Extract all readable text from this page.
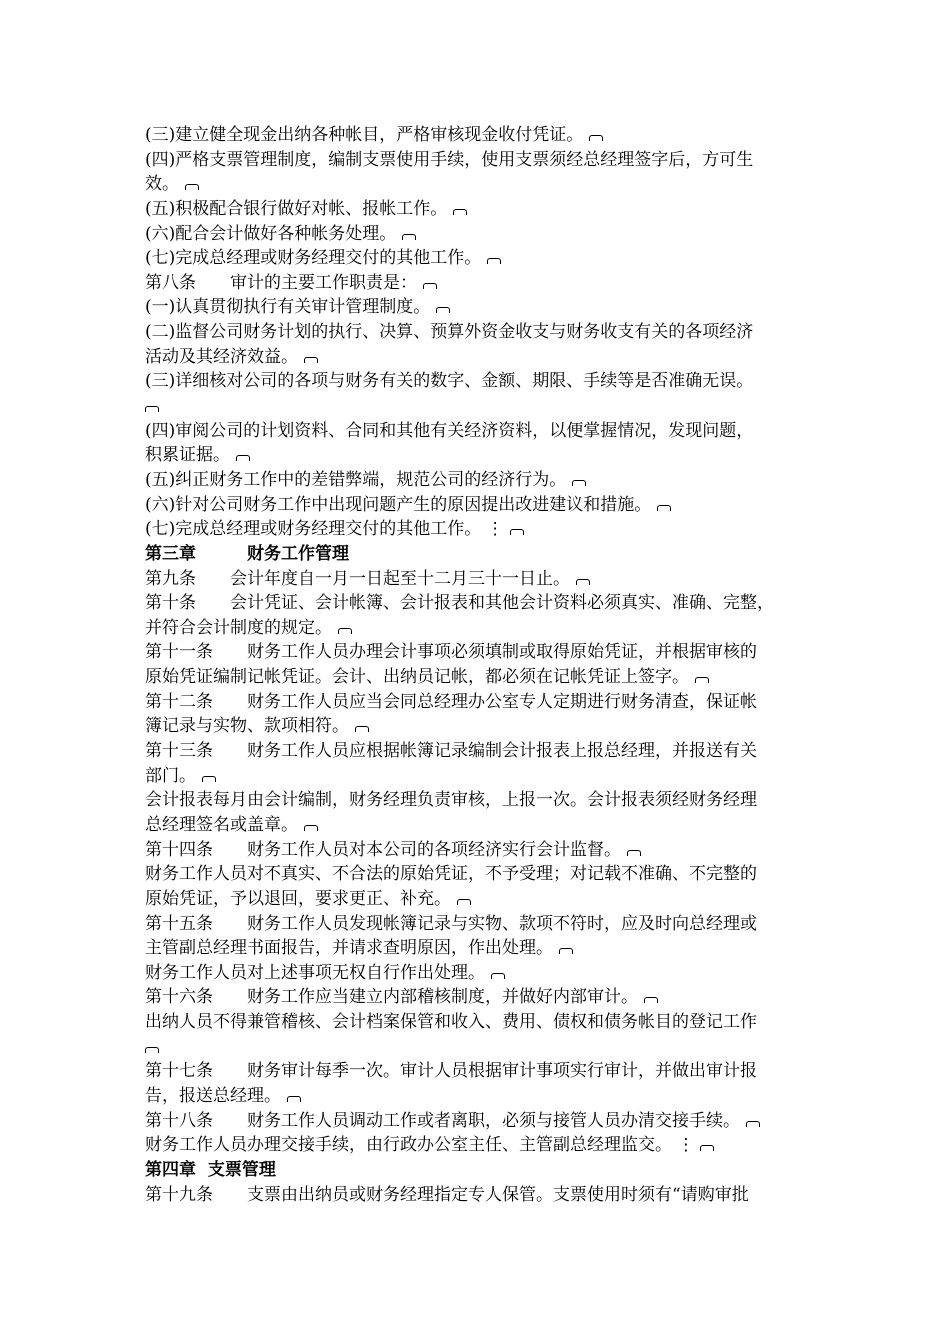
(三)建立健全现金出纳各种帐目，严格审核现金收付凭证。
(四)严格支票管理制度，编制支票使用手续，使用支票须经总经理签字后，方可生
效。
(五)积极配合银行做好对帐、报帐工作。
(六)配合会计做好各种帐务处理。
(七)完成总经理或财务经理交付的其他工作。
第八条　　审计的主要工作职责是：
(一)认真贯彻执行有关审计管理制度。
(二)监督公司财务计划的执行、决算、预算外资金收支与财务收支有关的各项经济
活动及其经济效益。
(三)详细核对公司的各项与财务有关的数字、金额、期限、手续等是否准确无误。
(四)审阅公司的计划资料、合同和其他有关经济资料，以便掌握情况，发现问题，
积累证据。
(五)纠正财务工作中的差错弊端，规范公司的经济行为。
(六)针对公司财务工作中出现问题产生的原因提出改进建议和措施。
(七)完成总经理或财务经理交付的其他工作。 ⋮
第三章　　　财务工作管理
第九条　　会计年度自一月一日起至十二月三十一日止。
第十条　　会计凭证、会计帐簿、会计报表和其他会计资料必须真实、准确、完整，
并符合会计制度的规定。
第十一条　　财务工作人员办理会计事项必须填制或取得原始凭证，并根据审核的
原始凭证编制记帐凭证。会计、出纳员记帐，都必须在记帐凭证上签字。
第十二条　　财务工作人员应当会同总经理办公室专人定期进行财务清查，保证帐
簿记录与实物、款项相符。
第十三条　　财务工作人员应根据帐簿记录编制会计报表上报总经理，并报送有关
部门。
会计报表每月由会计编制，财务经理负责审核，上报一次。会计报表须经财务经理
总经理签名或盖章。
第十四条　　财务工作人员对本公司的各项经济实行会计监督。
财务工作人员对不真实、不合法的原始凭证，不予受理；对记载不准确、不完整的
原始凭证，予以退回，要求更正、补充。
第十五条　　财务工作人员发现帐簿记录与实物、款项不符时，应及时向总经理或
主管副总经理书面报告，并请求查明原因，作出处理。
财务工作人员对上述事项无权自行作出处理。
第十六条　　财务工作应当建立内部稽核制度，并做好内部审计。
出纳人员不得兼管稽核、会计档案保管和收入、费用、债权和债务帐目的登记工作
第十七条　　财务审计每季一次。审计人员根据审计事项实行审计，并做出审计报
告，报送总经理。
第十八条　　财务工作人员调动工作或者离职，必须与接管人员办清交接手续。
财务工作人员办理交接手续，由行政办公室主任、主管副总经理监交。 ⋮
第四章  支票管理
第十九条　　支票由出纳员或财务经理指定专人保管。支票使用时须有“请购审批
